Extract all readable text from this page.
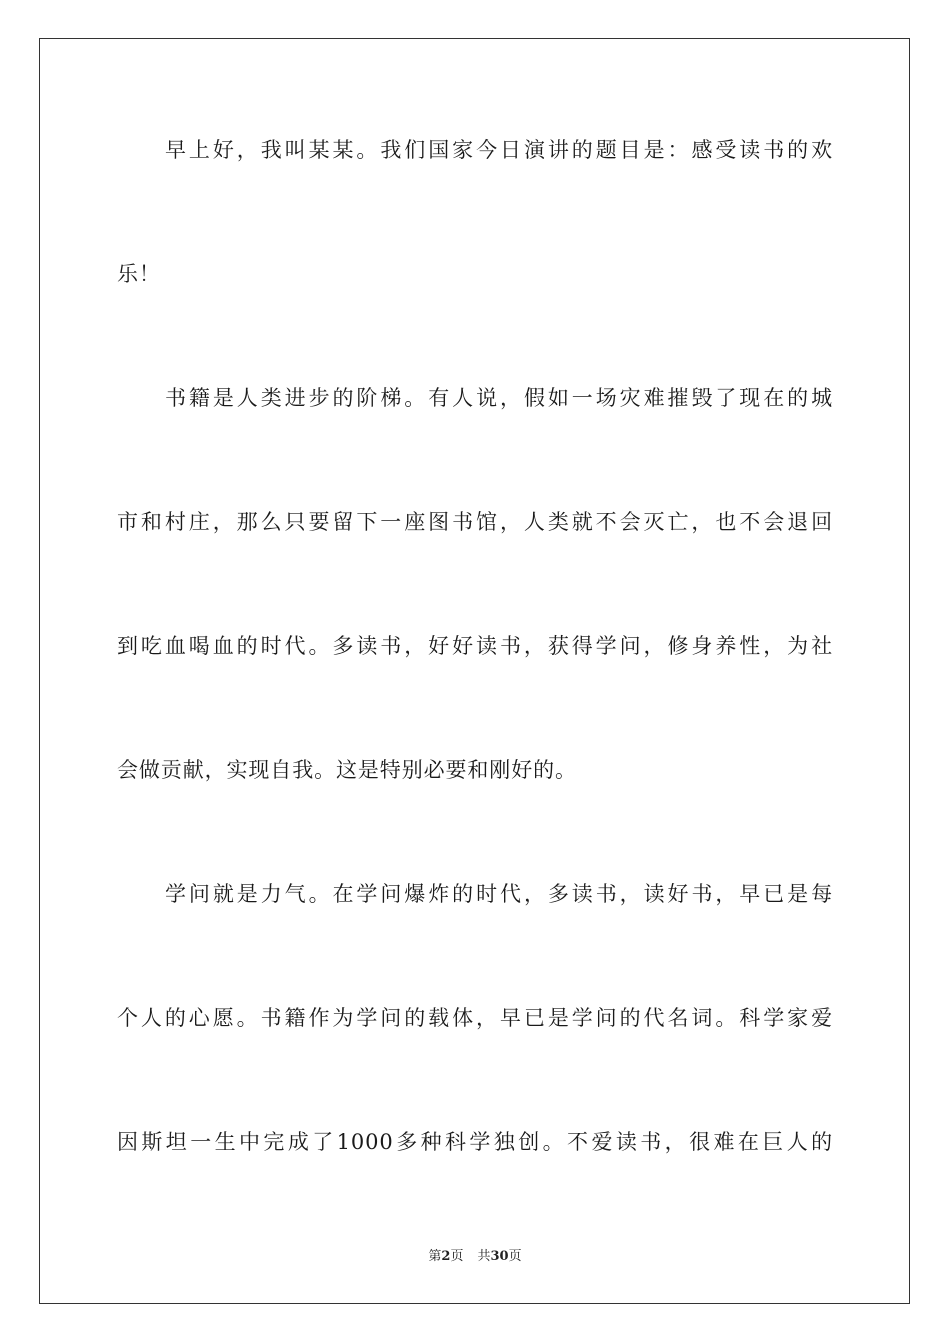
早上好，我叫某某。我们国家今日演讲的题目是：感受读书的欢
乐！
书籍是人类进步的阶梯。有人说，假如一场灾难摧毁了现在的城
市和村庄，那么只要留下一座图书馆，人类就不会灭亡，也不会退回
到吃血喝血的时代。多读书，好好读书，获得学问，修身养性，为社
会做贡献，实现自我。这是特别必要和刚好的。
学问就是力气。在学问爆炸的时代，多读书，读好书，早已是每
个人的心愿。书籍作为学问的载体，早已是学问的代名词。科学家爱
因斯坦一生中完成了1000多种科学独创。不爱读书，很难在巨人的
第2页 共30页
